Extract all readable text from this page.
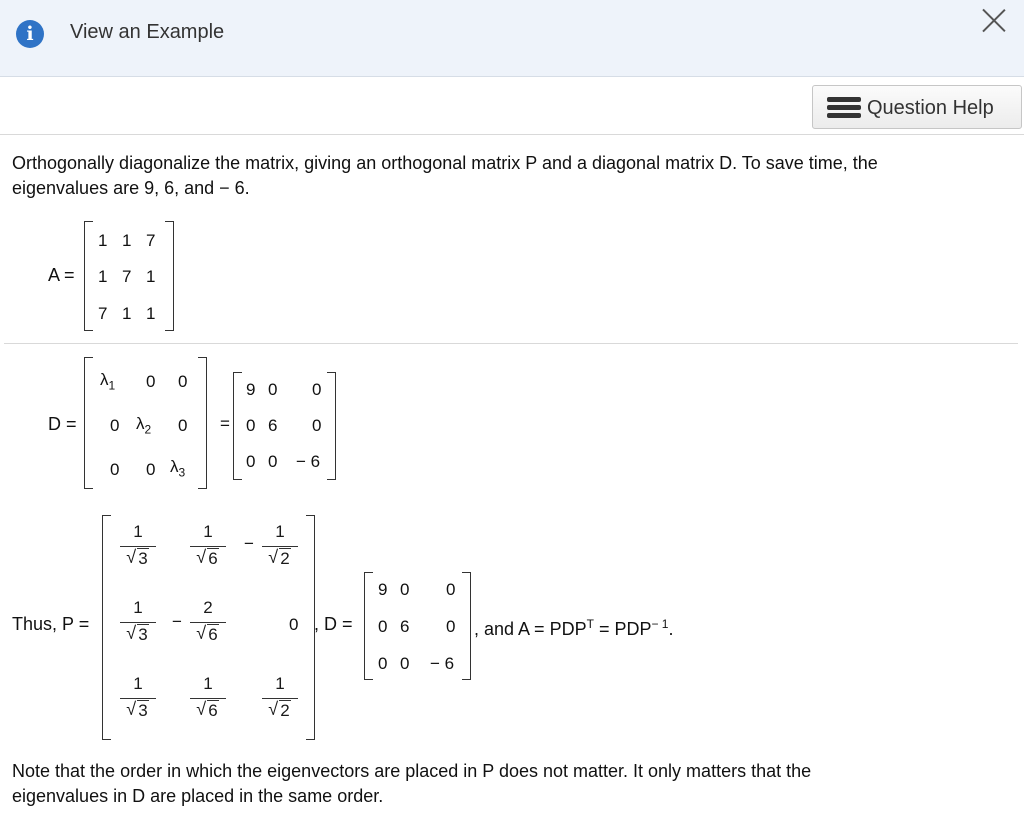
i	View an Example
Question Help
Orthogonally diagonalize the matrix, giving an orthogonal matrix P and a diagonal matrix D. To save time, the
eigenvalues are 9, 6, and − 6.
A =
1 1 7
1 7 1
7 1 1
D =
$\lambda_1$ 0 0
0 $\lambda_2$ 0
0 0 $\lambda_3$
=
9 0 0
0 6 0
0 0 − 6
Thus, P =
1
√ 3
1
√ 6
−
1
√ 2
1
√ 3
−
2
√ 6
0
1
√ 3
1
√ 6
1
√ 2
, D =
9 0 0
0 6 0
0 0 − 6
, and $A = PDP^T = PDP^{- 1}$.
Note that the order in which the eigenvectors are placed in P does not matter. It only matters that the
eigenvalues in D are placed in the same order.
